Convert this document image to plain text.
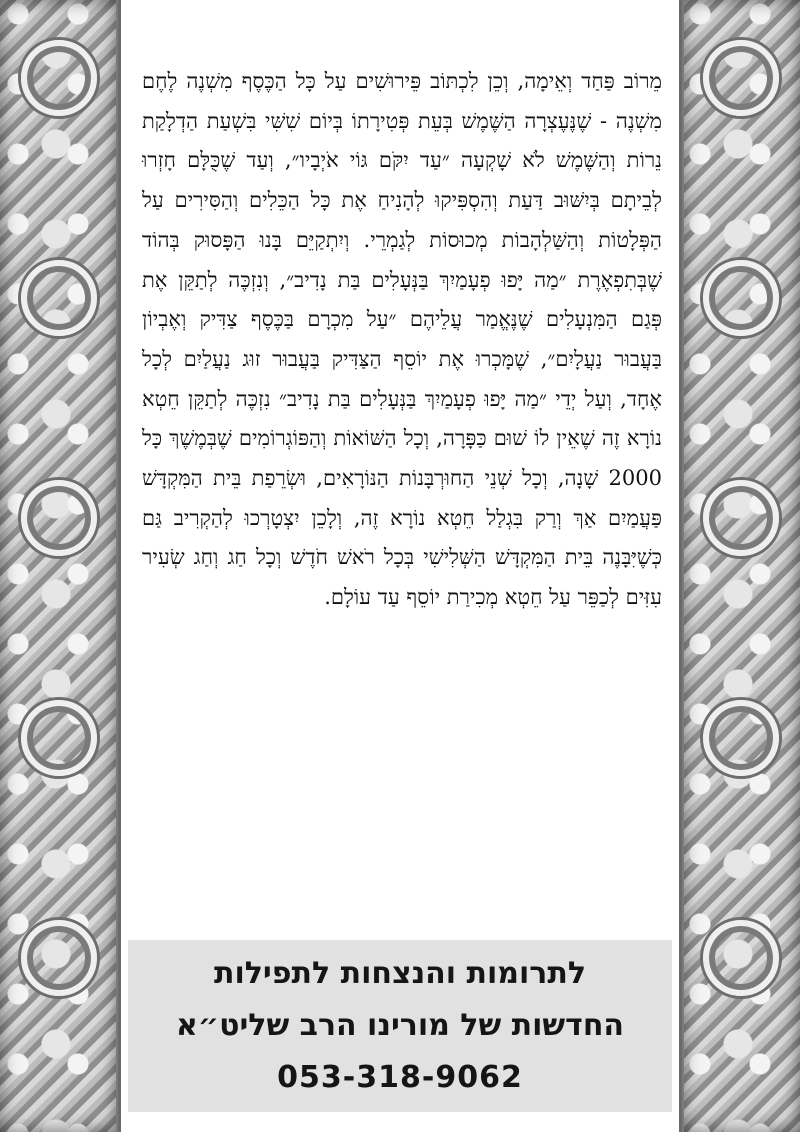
מֵרוֹב פַּחַד וְאֵימָה, וְכֵן לִכְתּוֹב פֵּירוּשִׁים עַל כָּל הַכֶּסֶף מִשְׁנֶה לֶחֶם מִשְׁנֶה - שֶׁנֶּעֶצְרָה הַשֶּׁמֶשׁ בְּעֵת פְּטִירָתוֹ בְּיוֹם שִׁשִּׁי בִּשְׁעַת הַדְלָקַת נֵרוֹת וְהַשֶּׁמֶשׁ לֹא שָׁקְעָה ״עַד יִקֹּם גּוֹי אֹיְבָיו״, וְעַד שֶׁכֻּלָּם חָזְרוּ לְבֵיתָם בְּיִשּׁוּב דַּעַת וְהִסְפִּיקוּ לְהָנִיחַ אֶת כָּל הַכֵּלִים וְהַסִּירִים עַל הַפְּלָטוֹת וְהַשַּׁלְהָבוֹת מְכוּסוֹת לְגַמְרֵי. וְיִתְקַיֵּם בָּנוּ הַפָּסוּק בְּהוֹד שֶׁבְּתִפְאֶרֶת ״מַה יָּפוּ פְעָמַיִךְ בַּנְּעָלִים בַּת נָדִיב״, וְנִזְכֶּה לְתַקֵּן אֶת פְּגַם הַמִּנְעָלִים שֶׁנֶּאֱמַר עֲלֵיהֶם ״עַל מִכְרָם בַּכֶּסֶף צַדִּיק וְאֶבְיוֹן בַּעֲבוּר נַעֲלָיִם״, שֶׁמָּכְרוּ אֶת יוֹסֵף הַצַּדִּיק בַּעֲבוּר זוּג נַעֲלַיִם לְכָל אֶחָד, וְעַל יְדֵי ״מַה יָּפוּ פְעָמַיִךְ בַּנְּעָלִים בַּת נָדִיב״ נִזְכֶּה לְתַקֵּן חֵטְא נוֹרָא זֶה שֶׁאֵין לוֹ שׁוּם כַּפָּרָה, וְכָל הַשּׁוֹאוֹת וְהַפּוֹגְרוֹמִים שֶׁבְּמֶשֶׁךְ כָּל 2000 שָׁנָה, וְכָל שְׁנֵי הַחוּרְבָּנוֹת הַנּוֹרָאִים, וּשְׂרֵפַת בֵּית הַמִּקְדָּשׁ פַּעֲמַיִם אַךְ וְרַק בִּגְלַל חֵטְא נוֹרָא זֶה, וְלָכֵן יִצְטָרְכוּ לְהַקְרִיב גַּם כְּשֶׁיִּבָּנֶה בֵּית הַמִּקְדָּשׁ הַשְּׁלִישִׁי בְּכָל רֹאשׁ חֹדֶשׁ וְכָל חַג וְחַג שְׂעִיר עִזִּים לְכַפֵּר עַל חֵטְא מְכִירַת יוֹסֵף עַד עוֹלָם.
לתרומות והנצחות לתפילות
החדשות של מורינו הרב שליט״א
053-318-9062
